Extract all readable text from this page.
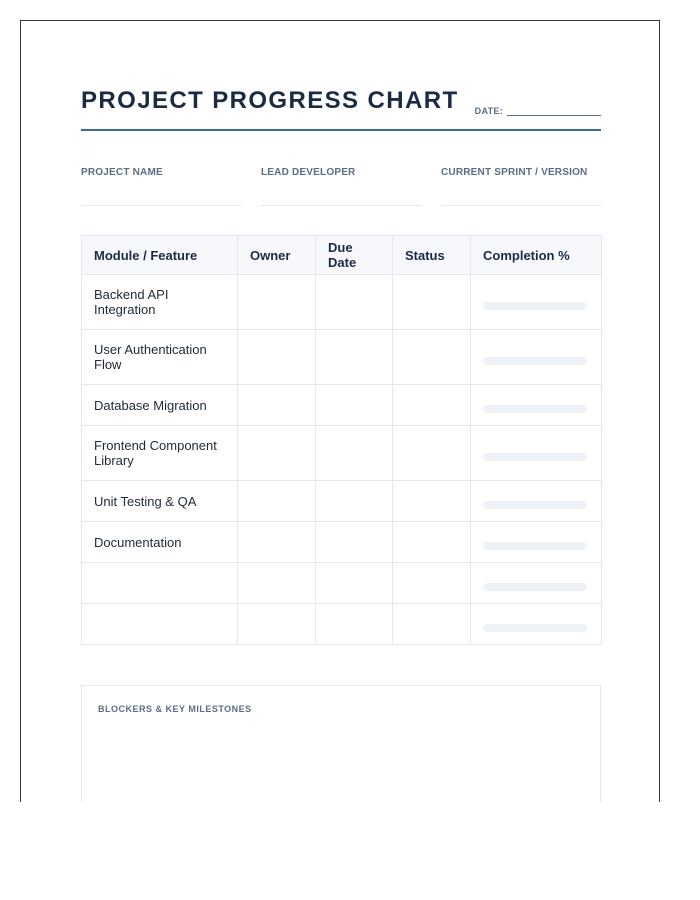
PROJECT PROGRESS CHART DATE:
PROJECT NAME	LEAD DEVELOPER	CURRENT SPRINT / VERSION
Module / Feature	Owner	Due Date	Status	Completion %
Backend API Integration				

User Authentication Flow				

Database Migration				

Frontend Component Library				

Unit Testing & QA				

Documentation				

BLOCKERS & KEY MILESTONES
